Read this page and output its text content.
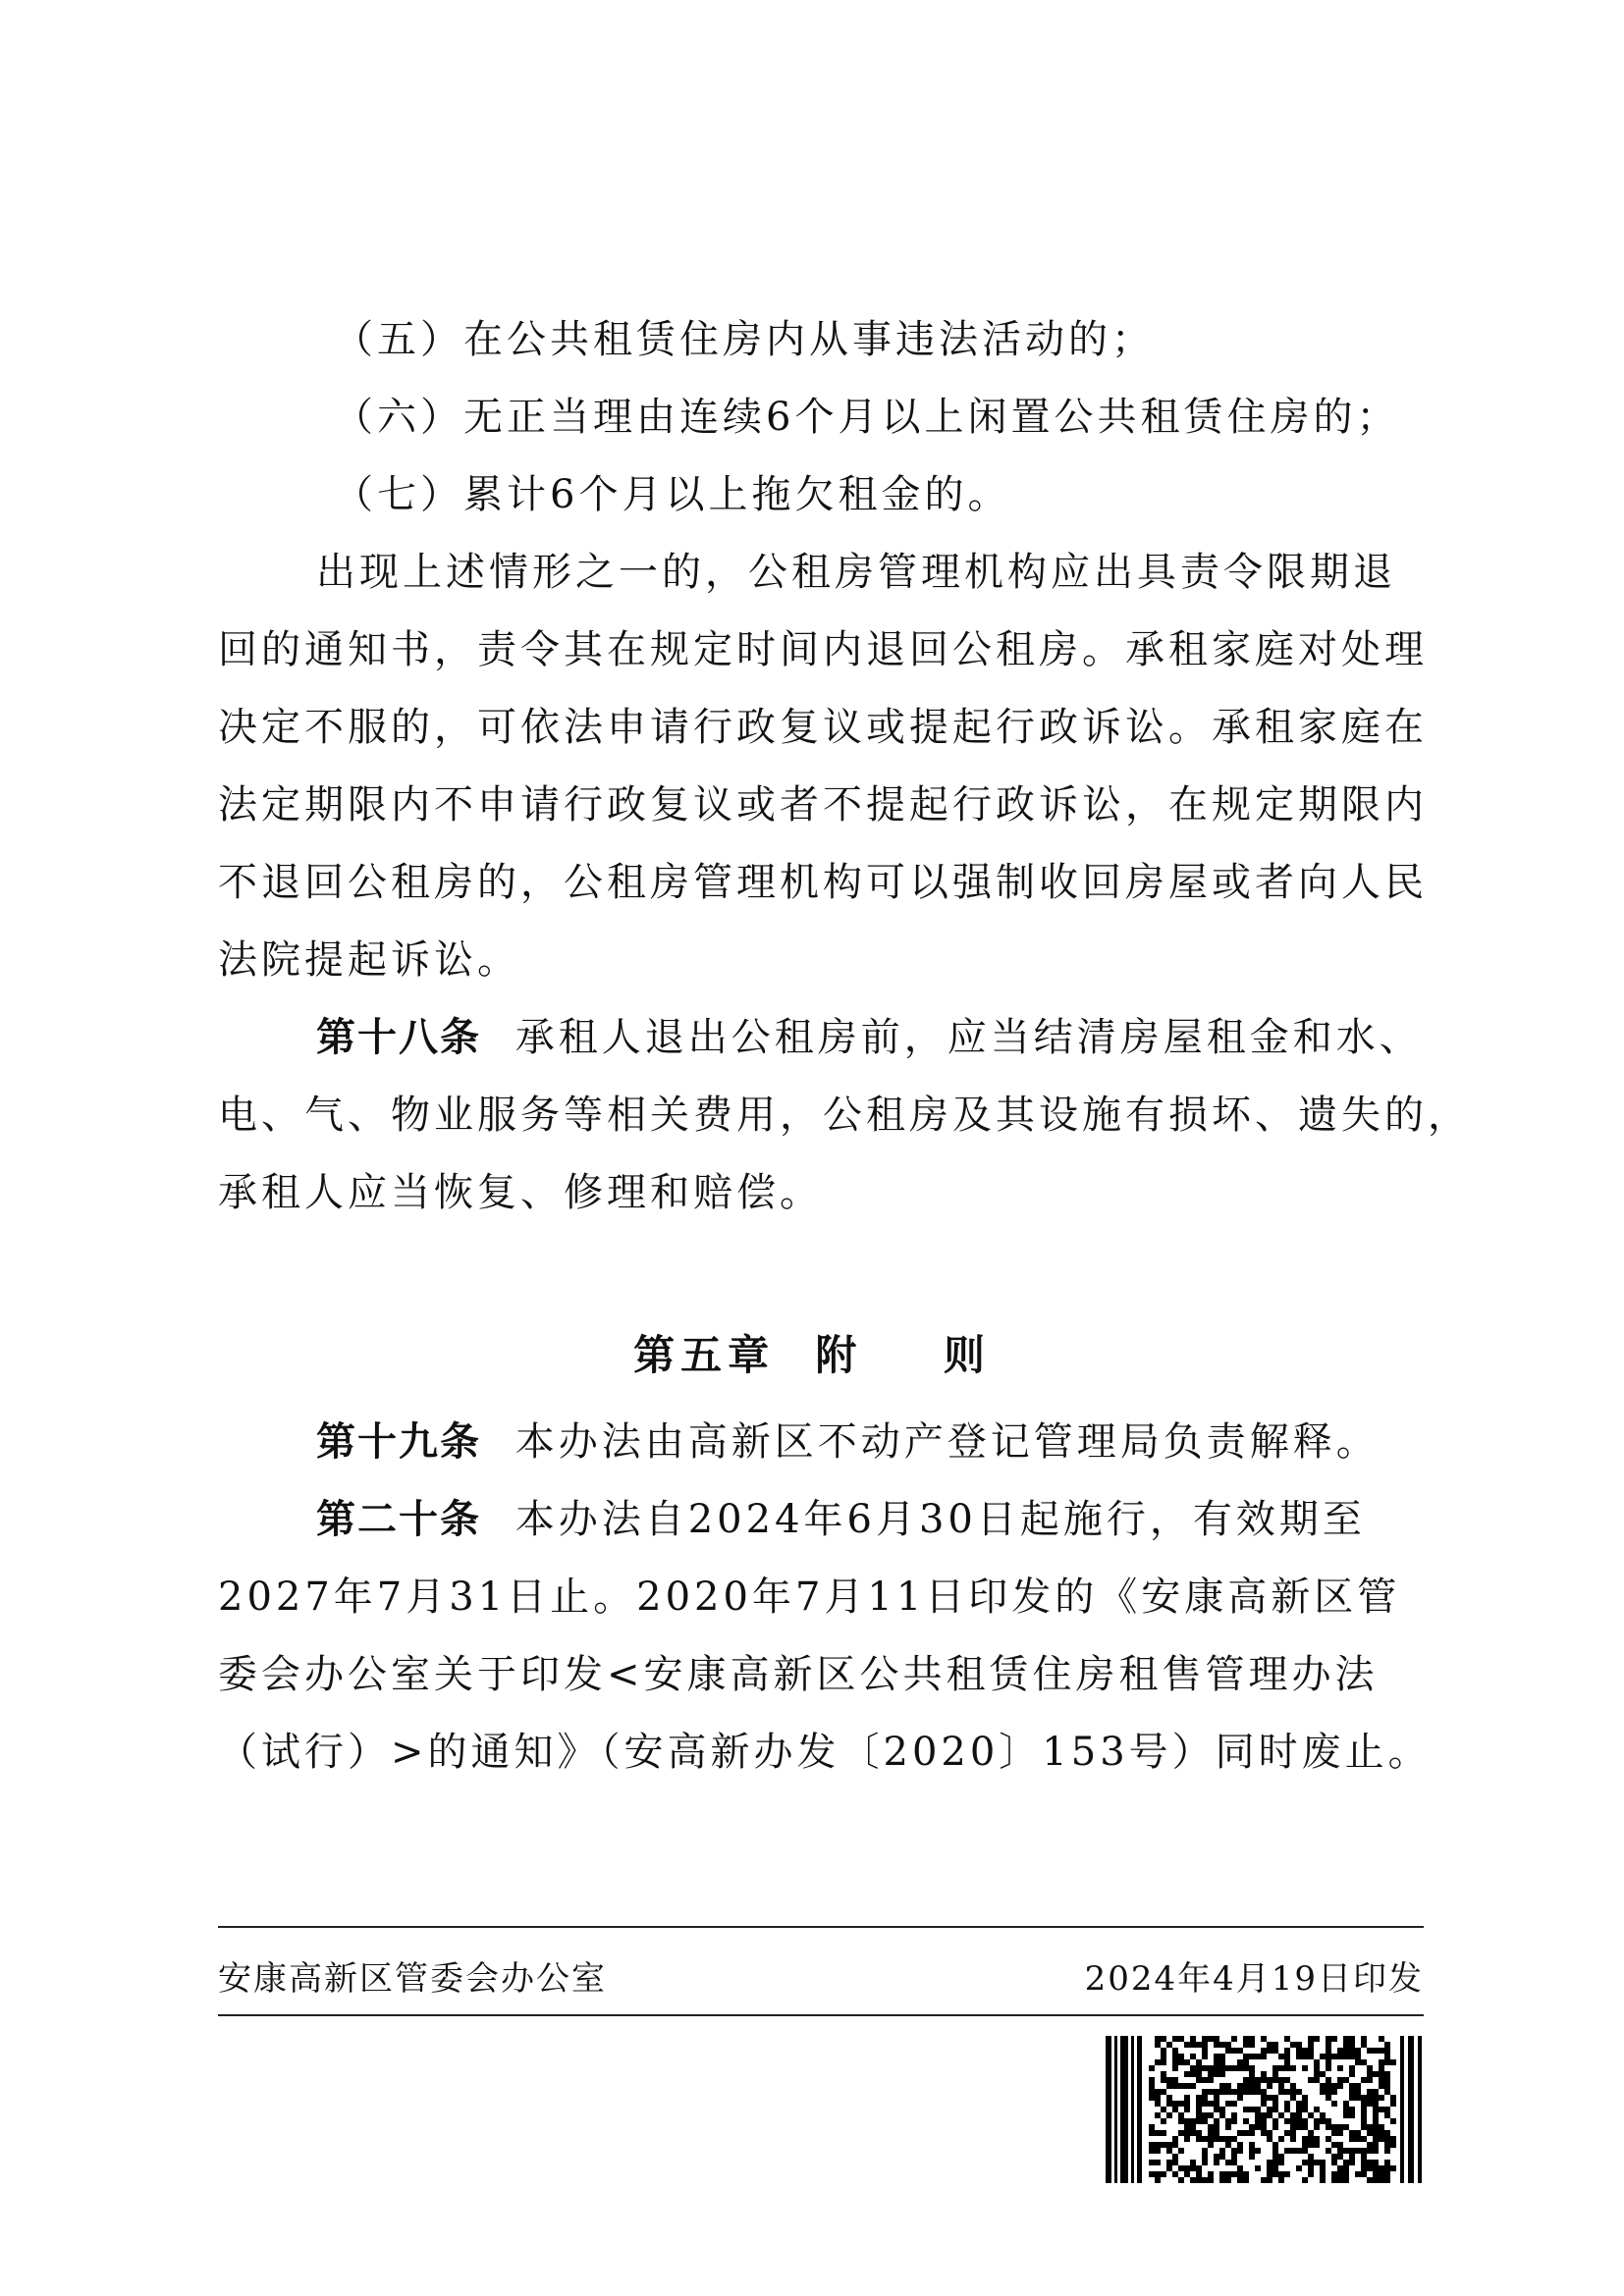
（五）在公共租赁住房内从事违法活动的；
（六）无正当理由连续6个月以上闲置公共租赁住房的；
（七）累计6个月以上拖欠租金的。
出现上述情形之一的，公租房管理机构应出具责令限期退
回的通知书，责令其在规定时间内退回公租房。承租家庭对处理
决定不服的，可依法申请行政复议或提起行政诉讼。承租家庭在
法定期限内不申请行政复议或者不提起行政诉讼，在规定期限内
不退回公租房的，公租房管理机构可以强制收回房屋或者向人民
法院提起诉讼。
第十八条 承租人退出公租房前，应当结清房屋租金和水、
电、气、物业服务等相关费用，公租房及其设施有损坏、遗失的，
承租人应当恢复、修理和赔偿。
第五章  附    则
第十九条 本办法由高新区不动产登记管理局负责解释。
第二十条 本办法自2024年6月30日起施行，有效期至
2027年7月31日止。2020年7月11日印发的《安康高新区管
委会办公室关于印发<安康高新区公共租赁住房租售管理办法
（试行）>的通知》（安高新办发〔2020〕153号）同时废止。
安康高新区管委会办公室	2024年4月19日印发
